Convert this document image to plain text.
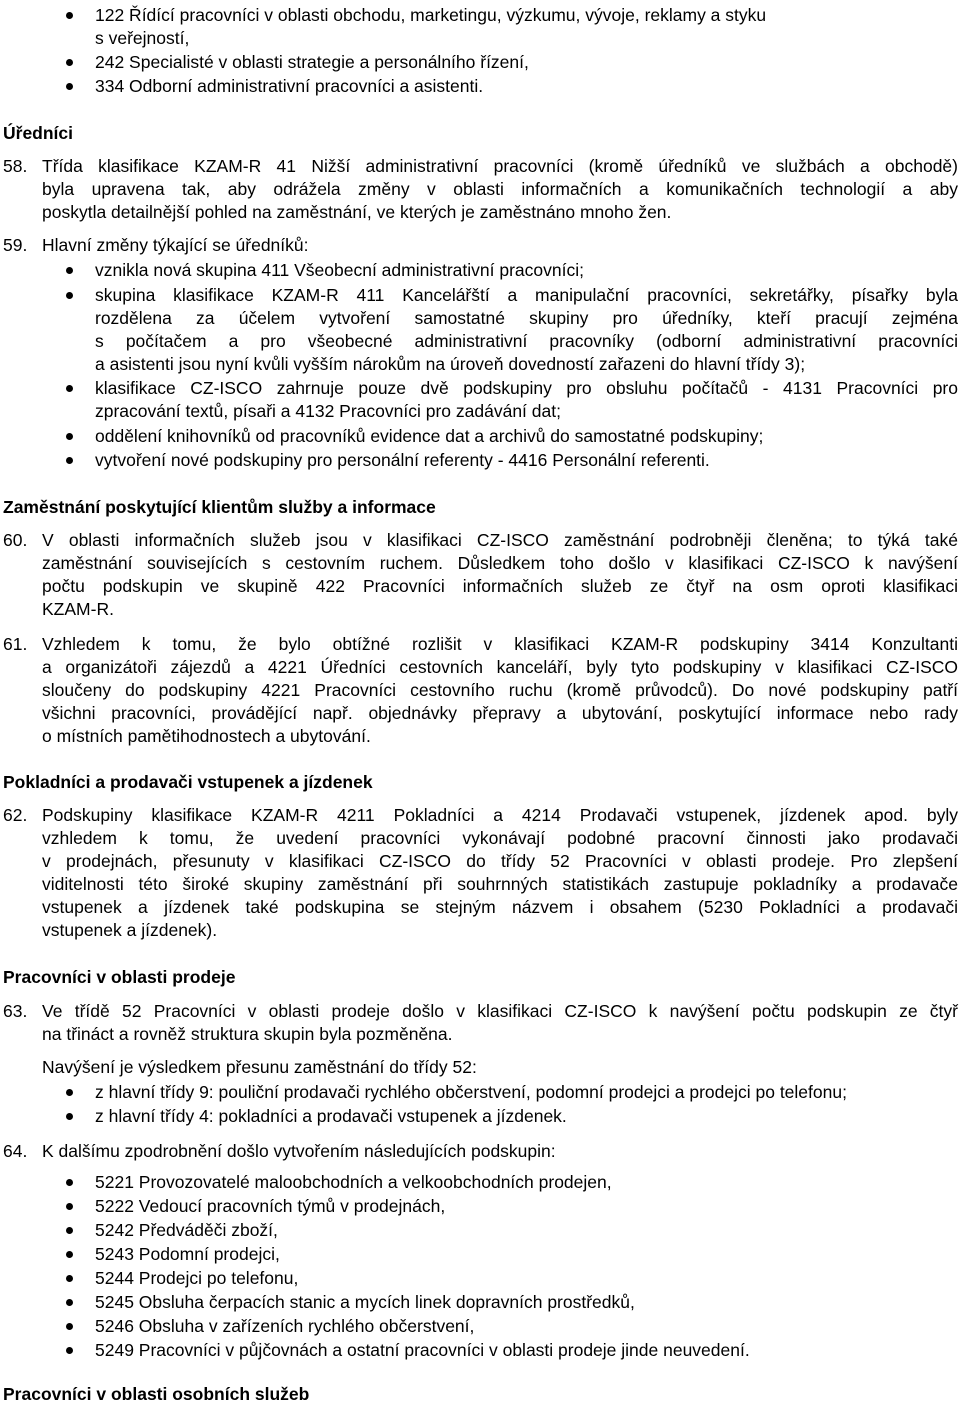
122 Řídící pracovníci v oblasti obchodu, marketingu, výzkumu, vývoje, reklamy a styku
s veřejností,
242 Specialisté v oblasti strategie a personálního řízení,
334 Odborní administrativní pracovníci a asistenti.
Úředníci
58. Třída klasifikace KZAM-R 41 Nižší administrativní pracovníci (kromě úředníků ve službách a obchodě)
byla upravena tak, aby odrážela změny v oblasti informačních a komunikačních technologií a aby
poskytla detailnější pohled na zaměstnání, ve kterých je zaměstnáno mnoho žen.
59. Hlavní změny týkající se úředníků:
vznikla nová skupina 411 Všeobecní administrativní pracovníci;
skupina klasifikace KZAM-R 411 Kancelářští a manipulační pracovníci, sekretářky, písařky byla
rozdělena za účelem vytvoření samostatné skupiny pro úředníky, kteří pracují zejména
s počítačem a pro všeobecné administrativní pracovníky (odborní administrativní pracovníci
a asistenti jsou nyní kvůli vyšším nárokům na úroveň dovedností zařazeni do hlavní třídy 3);
klasifikace CZ-ISCO zahrnuje pouze dvě podskupiny pro obsluhu počítačů - 4131 Pracovníci pro
zpracování textů, písaři a 4132 Pracovníci pro zadávání dat;
oddělení knihovníků od pracovníků evidence dat a archivů do samostatné podskupiny;
vytvoření nové podskupiny pro personální referenty - 4416 Personální referenti.
Zaměstnání poskytující klientům služby a informace
60. V oblasti informačních služeb jsou v klasifikaci CZ-ISCO zaměstnání podrobněji členěna; to týká také
zaměstnání souvisejících s cestovním ruchem. Důsledkem toho došlo v klasifikaci CZ-ISCO k navýšení
počtu podskupin ve skupině 422 Pracovníci informačních služeb ze čtyř na osm oproti klasifikaci
KZAM-R.
61. Vzhledem k tomu, že bylo obtížné rozlišit v klasifikaci KZAM-R podskupiny 3414 Konzultanti
a organizátoři zájezdů a 4221 Úředníci cestovních kanceláří, byly tyto podskupiny v klasifikaci CZ-ISCO
sloučeny do podskupiny 4221 Pracovníci cestovního ruchu (kromě průvodců). Do nové podskupiny patří
všichni pracovníci, provádějící např. objednávky přepravy a ubytování, poskytující informace nebo rady
o místních pamětihodnostech a ubytování.
Pokladníci a prodavači vstupenek a jízdenek
62. Podskupiny klasifikace KZAM-R 4211 Pokladníci a 4214 Prodavači vstupenek, jízdenek apod. byly
vzhledem k tomu, že uvedení pracovníci vykonávají podobné pracovní činnosti jako prodavači
v prodejnách, přesunuty v klasifikaci CZ-ISCO do třídy 52 Pracovníci v oblasti prodeje. Pro zlepšení
viditelnosti této široké skupiny zaměstnání při souhrnných statistikách zastupuje pokladníky a prodavače
vstupenek a jízdenek také podskupina se stejným názvem i obsahem (5230 Pokladníci a prodavači
vstupenek a jízdenek).
Pracovníci v oblasti prodeje
63. Ve třídě 52 Pracovníci v oblasti prodeje došlo v klasifikaci CZ-ISCO k navýšení počtu podskupin ze čtyř
na třináct a rovněž struktura skupin byla pozměněna.
Navýšení je výsledkem přesunu zaměstnání do třídy 52:
z hlavní třídy 9: pouliční prodavači rychlého občerstvení, podomní prodejci a prodejci po telefonu;
z hlavní třídy 4: pokladníci a prodavači vstupenek a jízdenek.
64. K dalšímu zpodrobnění došlo vytvořením následujících podskupin:
5221 Provozovatelé maloobchodních a velkoobchodních prodejen,
5222 Vedoucí pracovních týmů v prodejnách,
5242 Předváděči zboží,
5243 Podomní prodejci,
5244 Prodejci po telefonu,
5245 Obsluha čerpacích stanic a mycích linek dopravních prostředků,
5246 Obsluha v zařízeních rychlého občerstvení,
5249 Pracovníci v půjčovnách a ostatní pracovníci v oblasti prodeje jinde neuvedení.
Pracovníci v oblasti osobních služeb
